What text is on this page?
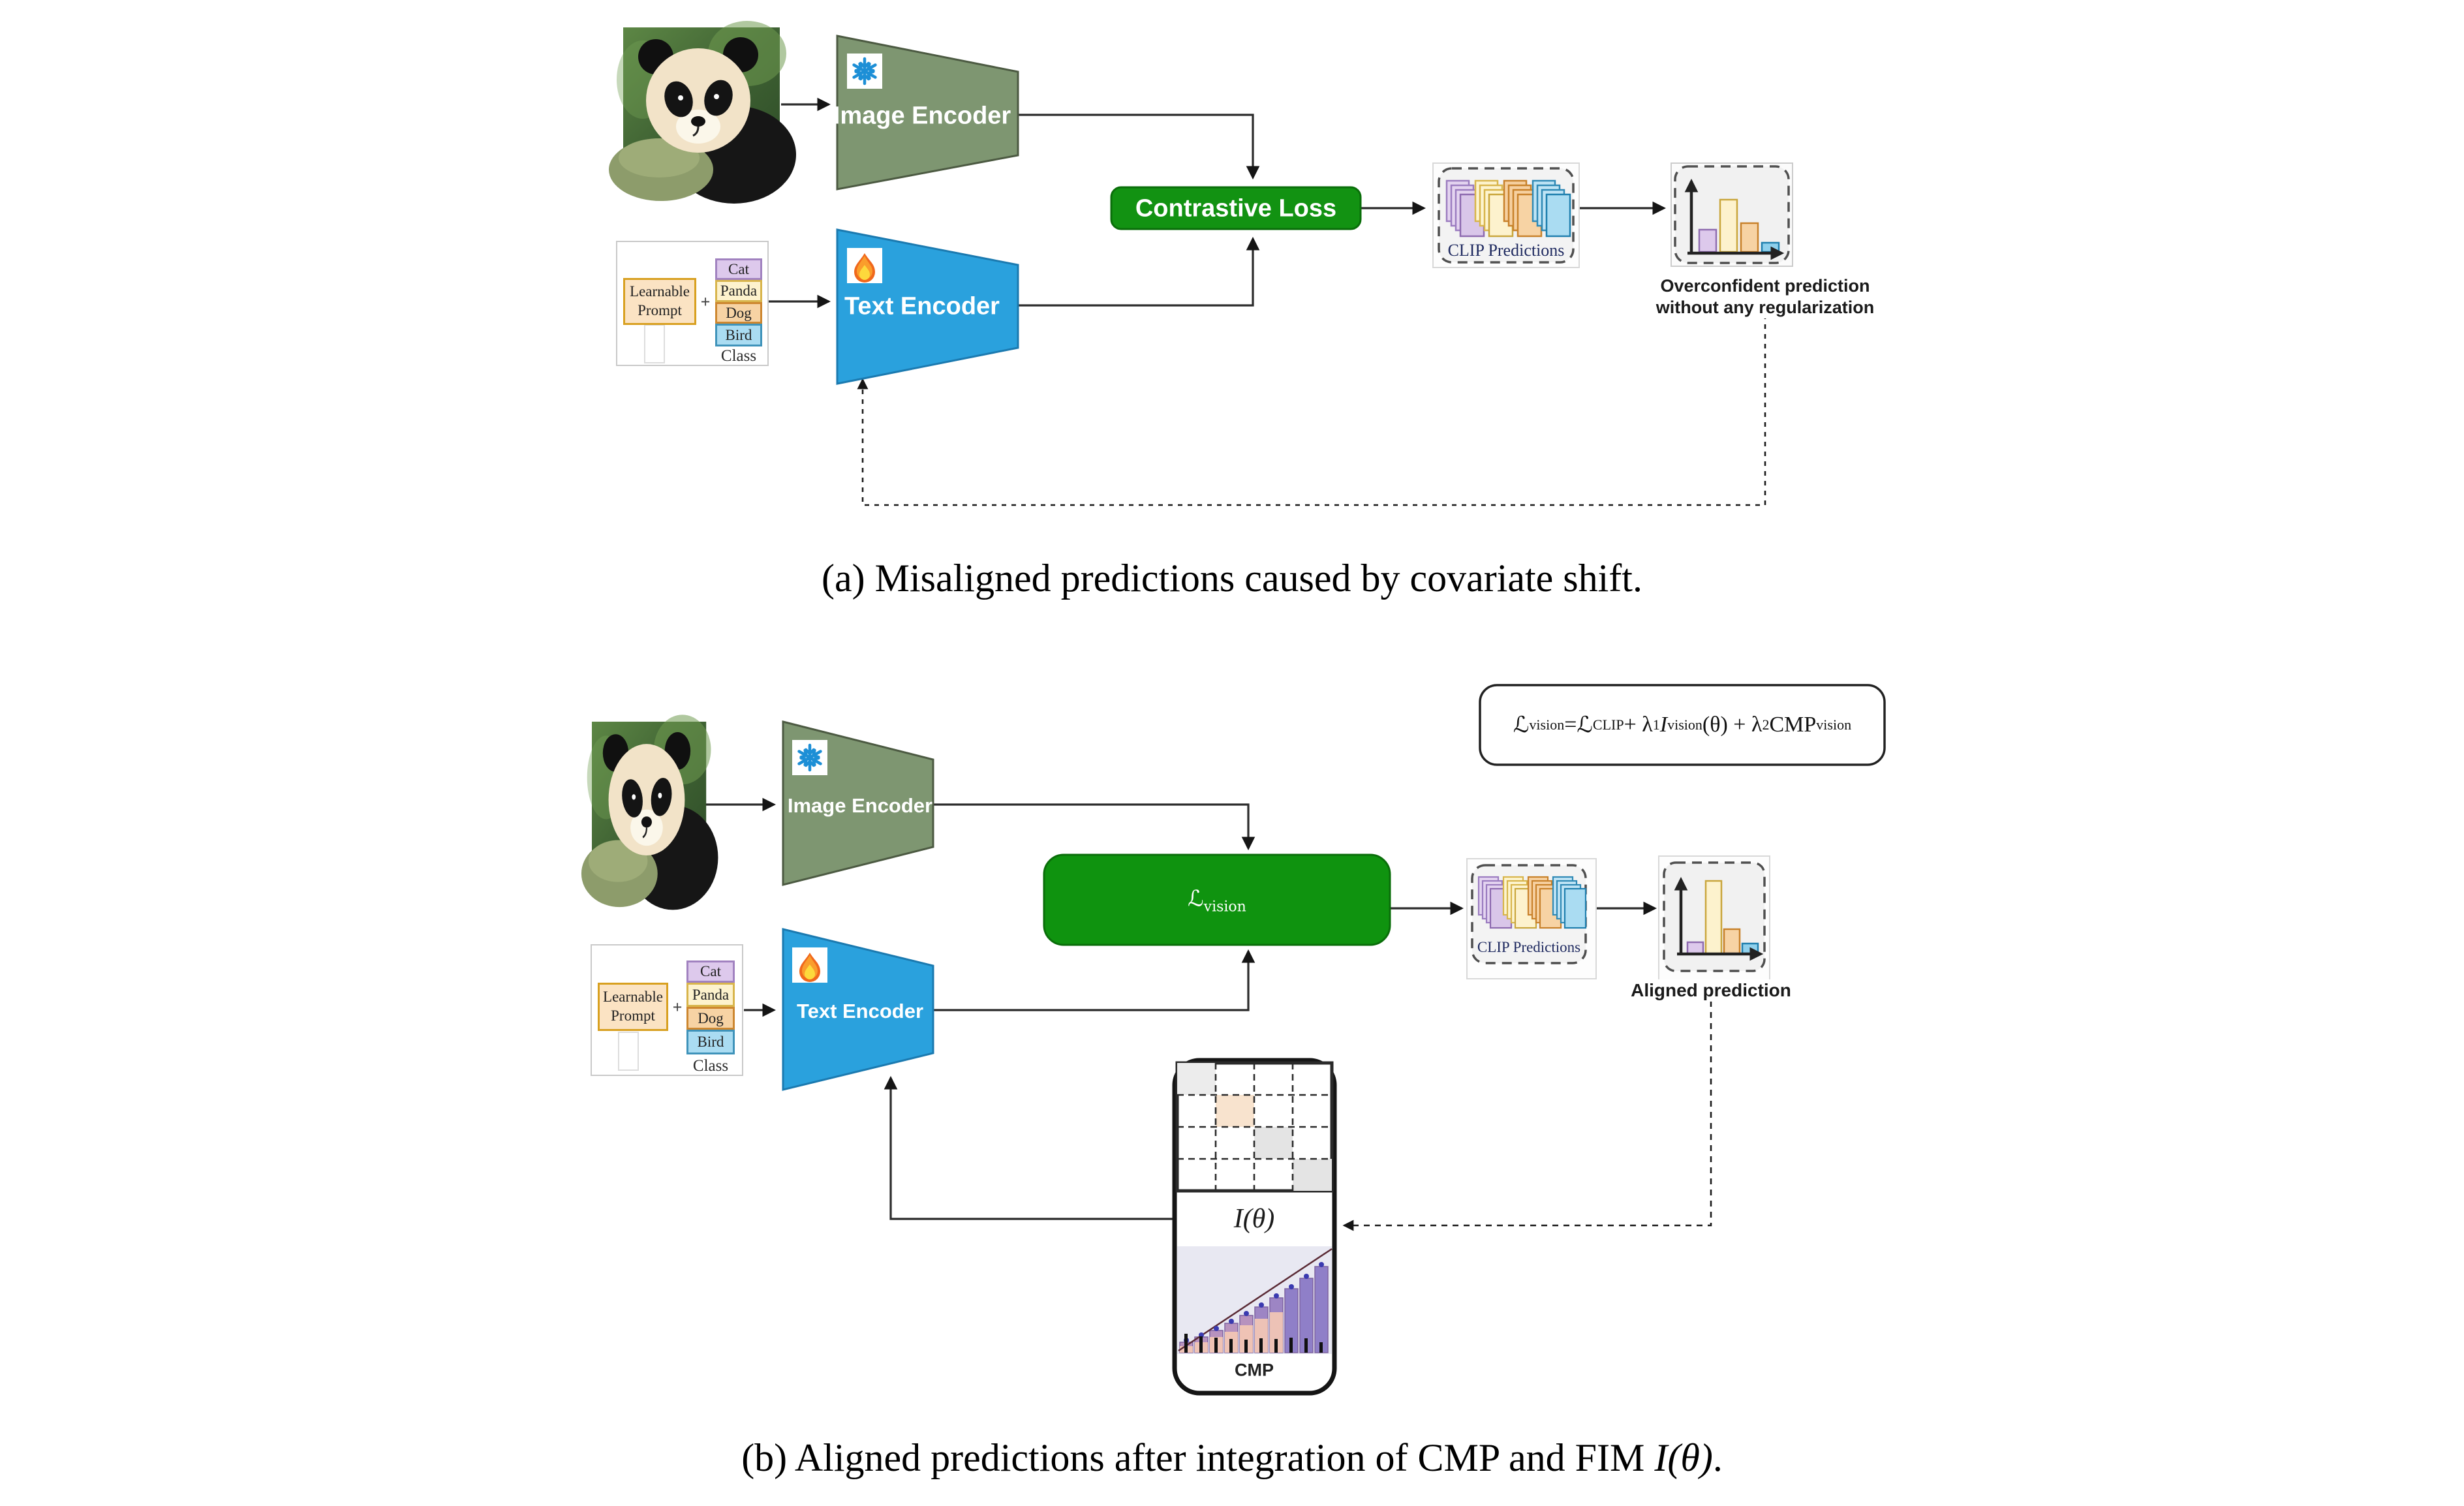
Image Encoder
Contrastive Loss
CLIP Predictions
Overconfident prediction
without any regularization
Text Encoder
Learnable
Prompt +
Cat
Panda
Dog
Bird
Class
(a) Misaligned predictions caused by covariate shift.
ℒ vision = ℒ CLIP + λ 1 I vision (θ) + λ 2 CMP vision
Image Encoder
ℒ$_{vision}$
CLIP Predictions
Aligned prediction
Text Encoder
Learnable
Prompt +
Cat
Panda
Dog
Bird
Class
I(θ)
CMP
(b) Aligned predictions after integration of CMP and FIM I(θ).
